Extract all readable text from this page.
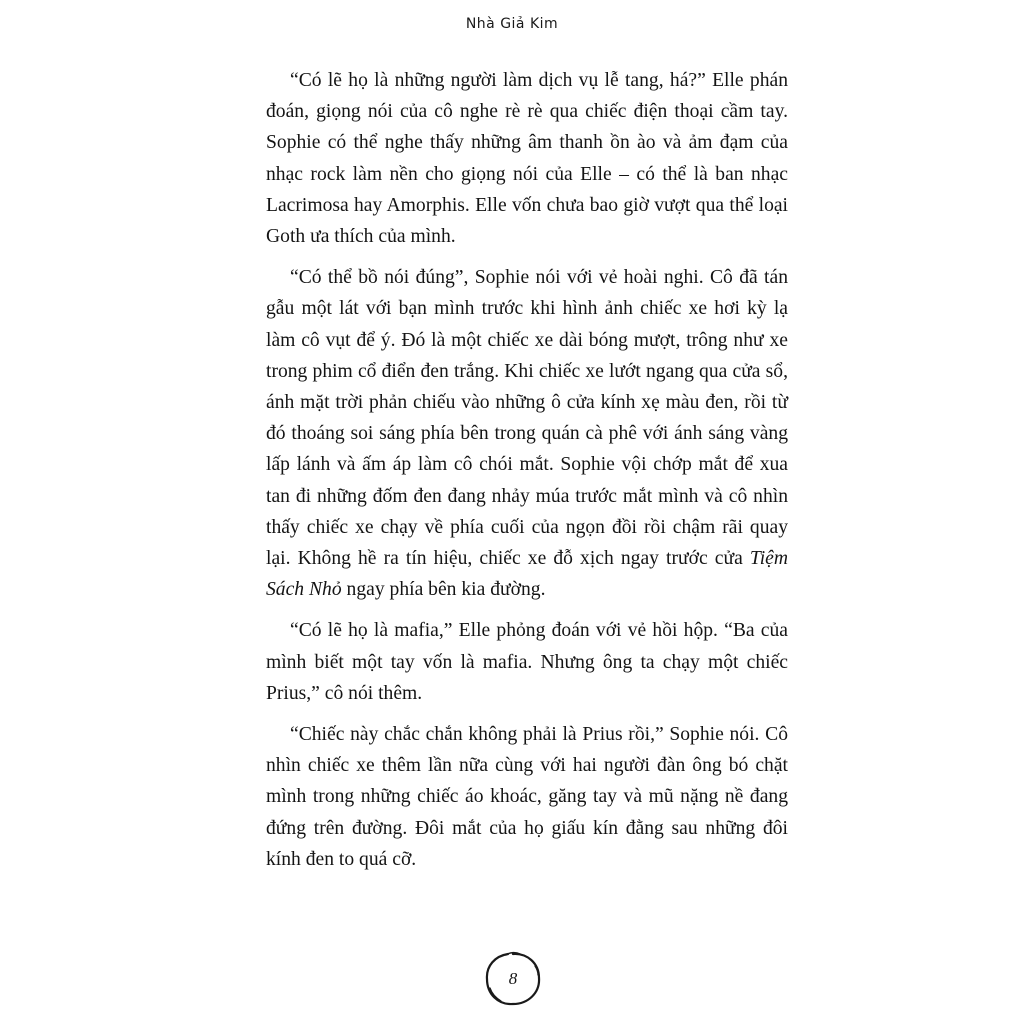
Nhà Giả Kim

“Có lẽ họ là những người làm dịch vụ lễ tang, há?” Elle phán đoán, giọng nói của cô nghe rè rè qua chiếc điện thoại cầm tay. Sophie có thể nghe thấy những âm thanh ồn ào và ảm đạm của nhạc rock làm nền cho giọng nói của Elle – có thể là ban nhạc Lacrimosa hay Amorphis. Elle vốn chưa bao giờ vượt qua thể loại Goth ưa thích của mình.

“Có thể bồ nói đúng”, Sophie nói với vẻ hoài nghi. Cô đã tán gẫu một lát với bạn mình trước khi hình ảnh chiếc xe hơi kỳ lạ làm cô vụt để ý. Đó là một chiếc xe dài bóng mượt, trông như xe trong phim cổ điển đen trắng. Khi chiếc xe lướt ngang qua cửa sổ, ánh mặt trời phản chiếu vào những ô cửa kính xẹ màu đen, rồi từ đó thoáng soi sáng phía bên trong quán cà phê với ánh sáng vàng lấp lánh và ấm áp làm cô chói mắt. Sophie vội chớp mắt để xua tan đi những đốm đen đang nhảy múa trước mắt mình và cô nhìn thấy chiếc xe chạy về phía cuối của ngọn đồi rồi chậm rãi quay lại. Không hề ra tín hiệu, chiếc xe đỗ xịch ngay trước cửa Tiệm Sách Nhỏ ngay phía bên kia đường.

“Có lẽ họ là mafia,” Elle phỏng đoán với vẻ hồi hộp. “Ba của mình biết một tay vốn là mafia. Nhưng ông ta chạy một chiếc Prius,” cô nói thêm.

“Chiếc này chắc chắn không phải là Prius rồi,” Sophie nói. Cô nhìn chiếc xe thêm lần nữa cùng với hai người đàn ông bó chặt mình trong những chiếc áo khoác, găng tay và mũ nặng nề đang đứng trên đường. Đôi mắt của họ giấu kín đằng sau những đôi kính đen to quá cỡ.

8
